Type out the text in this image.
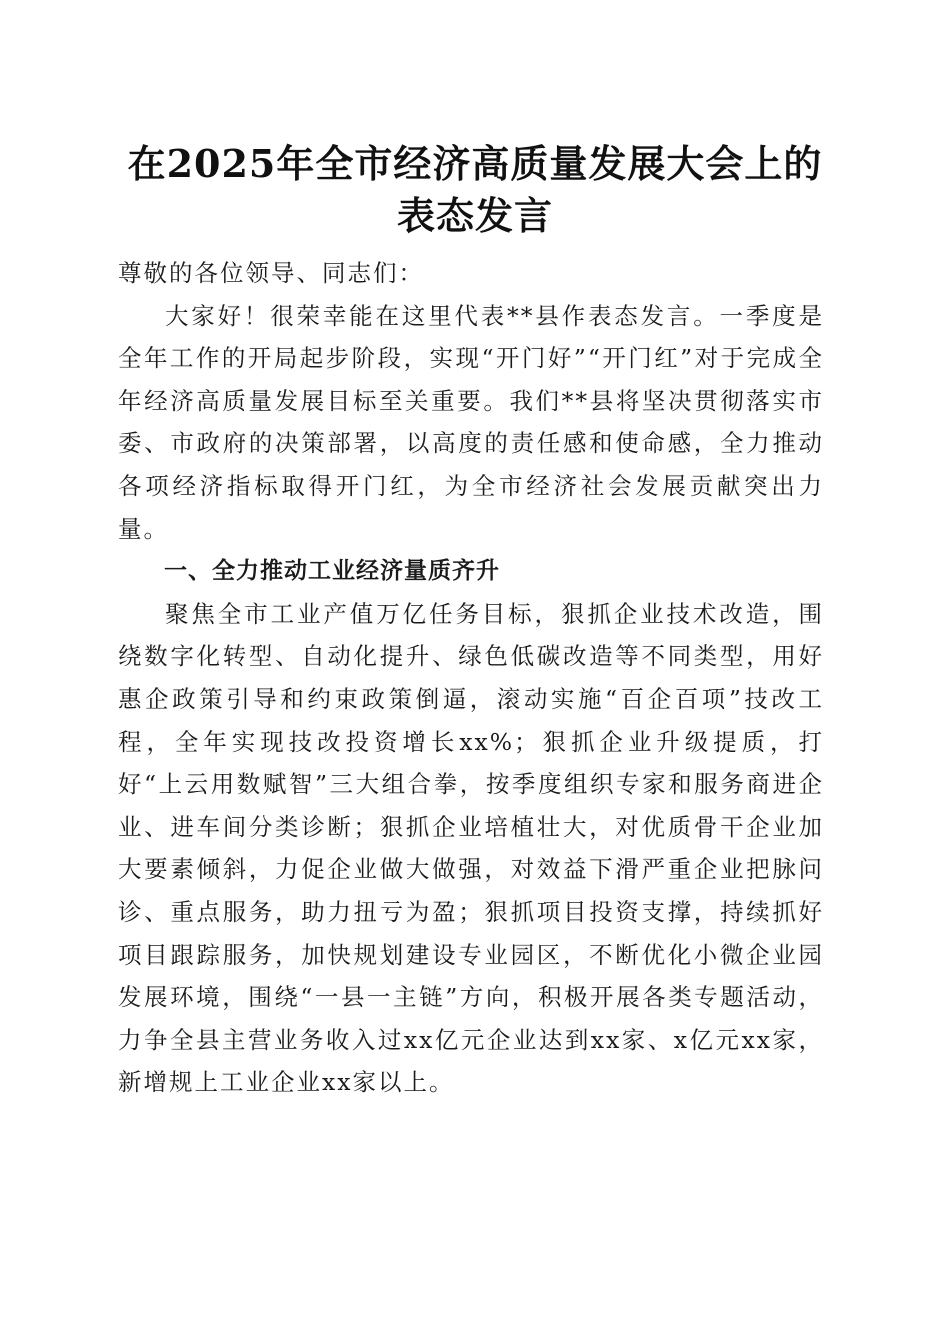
在2025年全市经济高质量发展大会上的表态发言

尊敬的各位领导、同志们：

大家好！很荣幸能在这里代表**县作表态发言。一季度是全年工作的开局起步阶段，实现“开门好”“开门红”对于完成全年经济高质量发展目标至关重要。我们**县将坚决贯彻落实市委、市政府的决策部署，以高度的责任感和使命感，全力推动各项经济指标取得开门红，为全市经济社会发展贡献突出力量。

一、全力推动工业经济量质齐升

聚焦全市工业产值万亿任务目标，狠抓企业技术改造，围绕数字化转型、自动化提升、绿色低碳改造等不同类型，用好惠企政策引导和约束政策倒逼，滚动实施“百企百项”技改工程，全年实现技改投资增长xx%；狠抓企业升级提质，打好“上云用数赋智”三大组合拳，按季度组织专家和服务商进企业、进车间分类诊断；狠抓企业培植壮大，对优质骨干企业加大要素倾斜，力促企业做大做强，对效益下滑严重企业把脉问诊、重点服务，助力扭亏为盈；狠抓项目投资支撑，持续抓好项目跟踪服务，加快规划建设专业园区，不断优化小微企业园发展环境，围绕“一县一主链”方向，积极开展各类专题活动，力争全县主营业务收入过xx亿元企业达到xx家、x亿元xx家，新增规上工业企业xx家以上。
